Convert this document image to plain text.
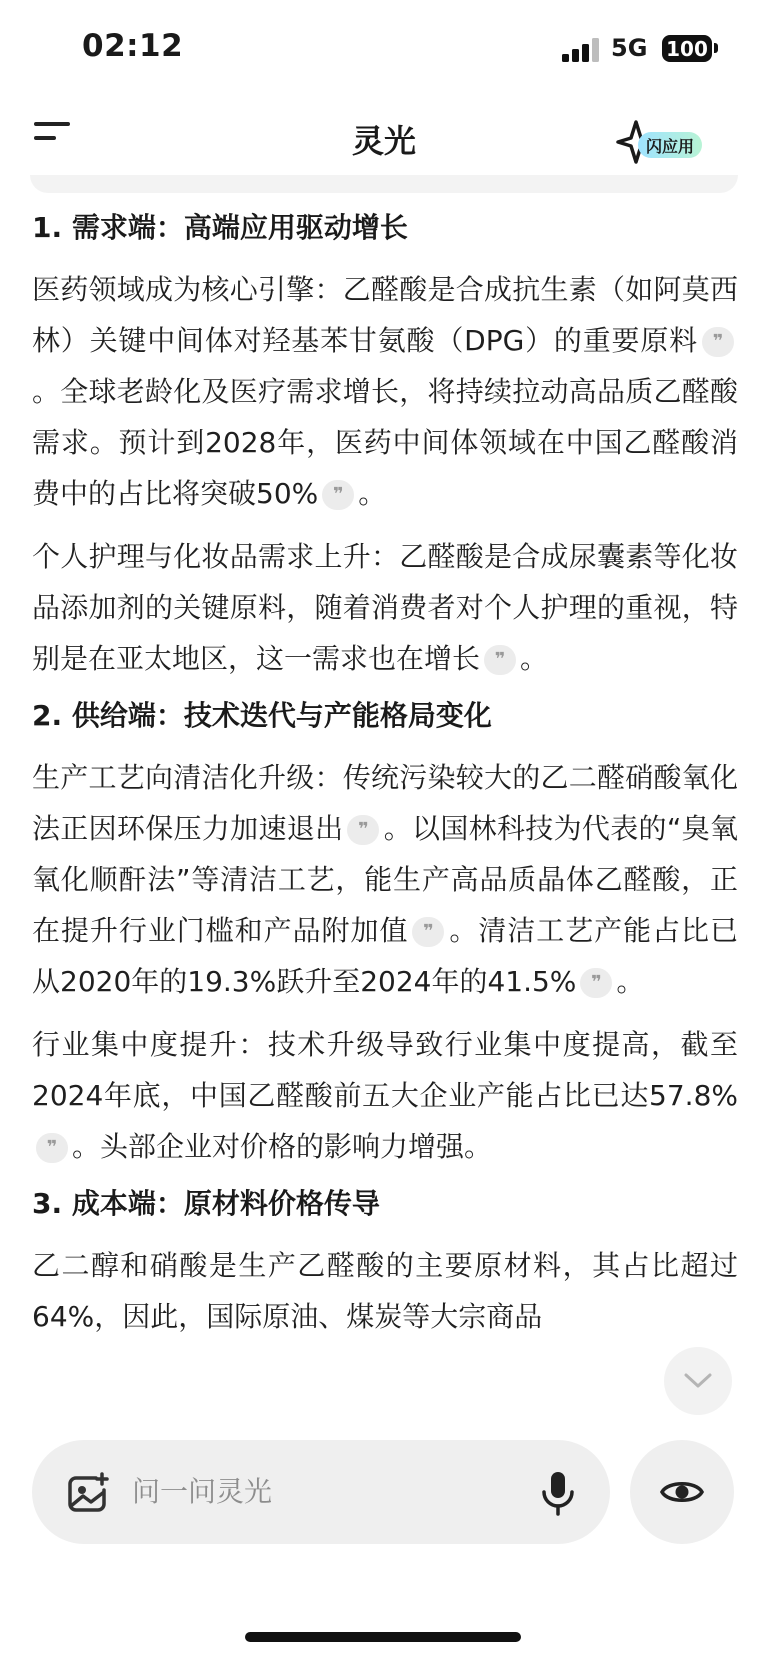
02:12	5G 100
灵光	闪应用
1. 需求端：高端应用驱动增长
医药领域成为核心引擎：乙醛酸是合成抗生素（如阿莫西林）关键中间体对羟基苯甘氨酸（DPG）的重要原料 ❞。全球老龄化及医疗需求增长，将持续拉动高品质乙醛酸需求。预计到2028年，医药中间体领域在中国乙醛酸消费中的占比将突破50% ❞ 。
个人护理与化妆品需求上升：乙醛酸是合成尿囊素等化妆品添加剂的关键原料，随着消费者对个人护理的重视，特别是在亚太地区，这一需求也在增长 ❞ 。
2. 供给端：技术迭代与产能格局变化
生产工艺向清洁化升级：传统污染较大的乙二醛硝酸氧化法正因环保压力加速退出 ❞ 。以国林科技为代表的“臭氧氧化顺酐法”等清洁工艺，能生产高品质晶体乙醛酸，正在提升行业门槛和产品附加值 ❞ 。清洁工艺产能占比已从2020年的19.3%跃升至2024年的41.5% ❞ 。
行业集中度提升：技术升级导致行业集中度提高，截至2024年底，中国乙醛酸前五大企业产能占比已达57.8%❞ 。头部企业对价格的影响力增强。
3. 成本端：原材料价格传导
乙二醇和硝酸是生产乙醛酸的主要原材料，其占比超过64%，因此，国际原油、煤炭等大宗商品
问一问灵光
